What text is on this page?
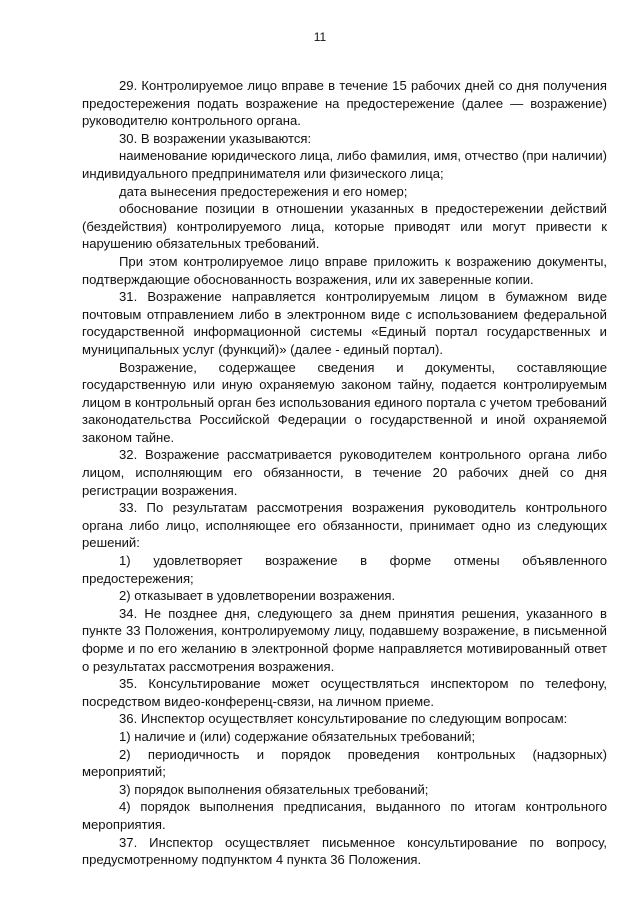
11

29. Контролируемое лицо вправе в течение 15 рабочих дней со дня получения предостережения подать возражение на предостережение (далее — возражение) руководителю контрольного органа.

30. В возражении указываются:

наименование юридического лица, либо фамилия, имя, отчество (при наличии) индивидуального предпринимателя или физического лица;

дата вынесения предостережения и его номер;

обоснование позиции в отношении указанных в предостережении действий (бездействия) контролируемого лица, которые приводят или могут привести к нарушению обязательных требований.

При этом контролируемое лицо вправе приложить к возражению документы, подтверждающие обоснованность возражения, или их заверенные копии.

31. Возражение направляется контролируемым лицом в бумажном виде почтовым отправлением либо в электронном виде с использованием федеральной государственной информационной системы «Единый портал государственных и муниципальных услуг (функций)» (далее - единый портал).

Возражение, содержащее сведения и документы, составляющие государственную или иную охраняемую законом тайну, подается контролируемым лицом в контрольный орган без использования единого портала с учетом требований законодательства Российской Федерации о государственной и иной охраняемой законом тайне.

32. Возражение рассматривается руководителем контрольного органа либо лицом, исполняющим его обязанности, в течение 20 рабочих дней со дня регистрации возражения.

33. По результатам рассмотрения возражения руководитель контрольного органа либо лицо, исполняющее его обязанности, принимает одно из следующих решений:

1) удовлетворяет возражение в форме отмены объявленного предостережения;

2) отказывает в удовлетворении возражения.

34. Не позднее дня, следующего за днем принятия решения, указанного в пункте 33 Положения, контролируемому лицу, подавшему возражение, в письменной форме и по его желанию в электронной форме направляется мотивированный ответ о результатах рассмотрения возражения.

35. Консультирование может осуществляться инспектором по телефону, посредством видео-конференц-связи, на личном приеме.

36. Инспектор осуществляет консультирование по следующим вопросам:

1) наличие и (или) содержание обязательных требований;

2) периодичность и порядок проведения контрольных (надзорных) мероприятий;

3) порядок выполнения обязательных требований;

4) порядок выполнения предписания, выданного по итогам контрольного мероприятия.

37. Инспектор осуществляет письменное консультирование по вопросу, предусмотренному подпунктом 4 пункта 36 Положения.
